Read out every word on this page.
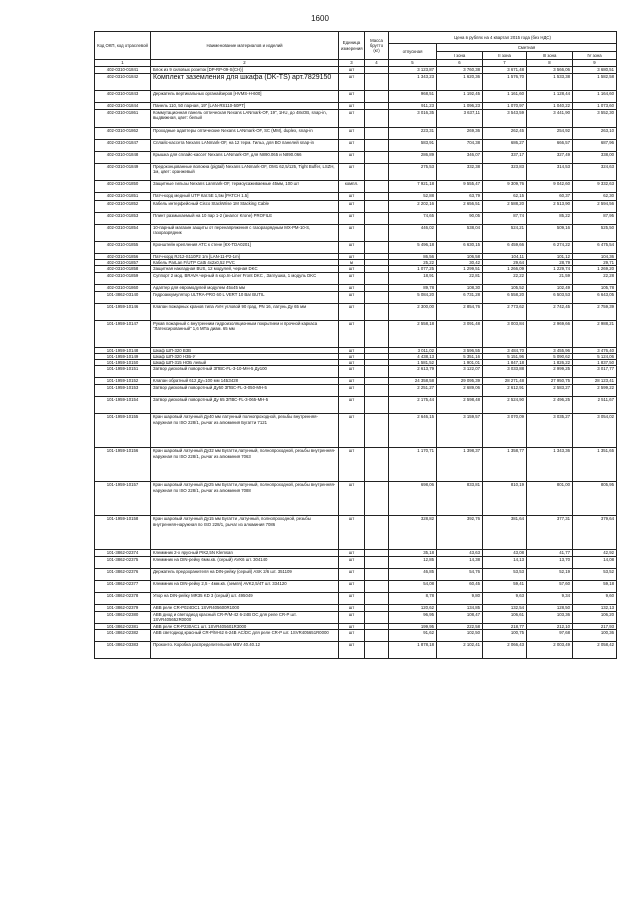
1600
Код ОКП, код отраслевой	Наименование материалов и изделий	Единица измерения	Масса брутто (кг)	Цена в рублях на 4 квартал 2015 года (без НДС)				
				отпускная	Сметная			
					I зона	II зона	III зона	IV зона
1	2	3	4	5	6	7	8	9
402-0310-01841	Блок из 9 силовых розеток [DP-RP-09-S(CH)]	шт		3 123,87	3 760,38	3 671,48	3 566,06	3 680,51
402-0310-01842	Комплект заземления для шкафа (DK-TS) арт.7829150	шт		1 343,23	1 620,36	1 576,70	1 533,38	1 582,58
402-0310-01843	Держатель вертикальных органайзеров [HVMS-H-600]	шт		968,51	1 192,45	1 161,60	1 128,44	1 164,60
402-0310-01844	Панель 110, 50 парная, 19" [LAN-RS110-50PT]	шт		911,23	1 096,23	1 070,97	1 040,22	1 073,60
402-0310-01861	Коммутационная панель оптическая Nexans LANmark-OF, 19", 1HU, до 48xOB, snap-in, выдвижная, цвет: белый	шт		3 016,35	3 637,11	3 543,59	3 441,90	3 552,30
402-0310-01862	Проходные адаптеры оптические Nexans LANmark-OF, SC (MM), duplex, snap-in	шт		223,31	269,36	262,45	254,92	263,10
402-0310-01847	Сплайс-кассета Nexans LANmark-OF, на 12 терм. Гильз, для ВО панелей snap-in	шт		583,91	704,38	686,27	666,57	687,96
402-0310-01848	Крышка для сплайс-кассет Nexans LANmark-OF, для N890.065 и N890.066	шт		286,89	346,07	337,17	327,49	338,00
402-0310-01849	Предоконцованные волокна (pigtail) Nexans LANmark-OF, OM1 62,5/125, Tight Buffer, LSZH, 1м, цвет: оранжевый	шт		275,53	332,38	323,83	314,53	324,63
402-0310-01850	Защитные гильзы Nexans Lanmark-OF, термоусаживаемые 45мм, 100 шт	компл.		7 921,18	9 555,47	9 309,76	9 042,60	9 332,63
402-0310-01851	Патч-корд медный UTP Кат.5Е 1,5м [PATCH 1.5]	шт		52,88	63,79	62,15	60,37	62,30
402-0310-01852	Кабель интерфейсный Cisco StackWise 1M Stacking Cable	шт		2 202,16	2 656,51	2 588,20	2 513,90	2 594,56
402-0310-01853	Плинт размыкаемый на 10 пар 1-2 (аналог Krone) PROFILE	шт		74,65	90,05	87,74	85,22	87,95
402-0310-01854	10-парный магазин защиты от перенапряжения с газоразрядным МХ-РМ-10-S, газоразрядник	шт		446,02	538,04	524,21	509,16	525,50
402-0310-01855	Кронштейн крепления АТС к стене [КХ-TDA0201]	шт		5 496,18	6 630,15	6 459,66	6 274,22	6 475,54
402-0310-01856	Патч-корд RJ12-S110P2 1m [LAN-11-P2-1m]	шт		86,56	106,58	104,11	101,12	104,36
402-0310-01857	Кабель ParLan F/UTP Cat5 4x2x0,52 PVC	м		25,22	30,42	29,64	28,79	29,71
402-0310-01858	Защитная накладная BUS, 12 модулей, черная DKC	шт		1 077,25	1 299,51	1 266,09	1 229,74	1 269,20
402-0310-01859	Суппорт 2 мод. BRAVA черный в кор.In-Liner Front DKC , Заглушка, 1 модуль DKC	шт		18,91	22,81	22,22	21,59	22,28
402-0310-01860	Адаптер для евромодулей модулем 45х45 мм	шт		89,78	108,30	105,52	102,49	105,78
101-3862-03140	Гидроаккумулятор ULTRA-PRO 60 L VERT 10 Bar BUTIL	шт		5 084,20	6 731,28	6 558,20	6 503,53	6 643,05
101-1959-10146	Клапан пожарных кранов типа AVH угловой 90 град. PN 16, латунь Ду 65 мм	шт		2 300,00	2 854,76	2 773,62	2 742,45	2 759,39
101-1959-10147	Рукав пожарный с внутренним гидроизоляционным покрытием и прочной каркаса "Латексированный" 1,6 МПа диам. 65 мм	шт		2 558,18	3 091,48	3 003,84	2 969,66	2 988,21
101-1959-10148	Шкаф ШП-320 В3В	шт		3 011,02	3 596,55	3 484,70	3 455,96	3 476,40
101-1959-10149	Шкаф ШП-320 Н3Б-У	шт		4 438,13	5 351,16	5 151,96	5 090,62	5 124,06
101-1959-10150	Шкаф ШП-315 НОБ левый	шт		1 581,52	1 901,01	1 847,18	1 826,22	1 837,50
101-1959-10151	Затвор дисковый поворотный ЗПВС-FL-3-10-МН-5 Ду100	шт		2 613,79	3 122,07	3 033,88	2 999,25	3 017,77
101-1959-10152	Клапан обратный 612 Ду=100 мм 14БЗ428	шт		24 358,58	29 095,39	28 271,48	27 950,75	28 123,41
101-1959-10153	Затвор дисковый поворотный Ду50 ЗПВС-FL-3-050-МН-5	шт		2 251,27	2 689,06	2 612,91	2 583,27	2 599,22
101-1959-10154	Затвор дисковый поворотный Ду 65 ЗПВС-FL-3-065-МН-5	шт		2 175,44	2 598,48	2 524,90	2 496,25	2 511,67
101-1959-10155	Кран шаровый латунный Ду40 мм латунный полнопроходной, резьбы внутренняя-наружная по ISO 228/1, рычаг из алюминия Бугатти 7121	шт		2 646,15	3 159,57	3 070,09	3 035,27	3 054,02
101-1959-10156	Кран шаровый латунный Ду32 мм Бугатти,латунный, полнопроходной, резьбы внутренняя-наружная по ISO 228/1, рычаг из алюминия 7063	шт		1 170,71	1 398,37	1 358,77	1 343,36	1 351,65
101-1959-10157	Кран шаровый латунный Ду25 мм Бугатти,латунный, полнопроходной, резьбы внутренняя-наружная по ISO 228/1, рычаг из алюминия 7088	шт		698,06	833,81	810,19	801,00	805,95
101-1959-10158	Кран шаровый латунный Ду15 мм Бугатти ,латунный, полнопроходной, резьбы внутренняя-наружная по ISO 228/1, рычаг из алюминия 7086	шт		328,82	392,76	381,64	377,31	379,64
101-3862-02374	Клеммник 2-х ярусный РІК2,5N Klemsan	шт		35,18	43,63	43,08	41,77	42,92
101-3862-02375	Клеммник на DIN-рейку 6мм.кв. (серый) AVK6 шт. 304140	шт		12,85	14,38	14,13	13,70	14,08
101-3862-02376	Держатель предохранителя на DIN-рейку (серый) ASK 2/6 шт. 351109	шт		46,85	54,76	53,53	52,19	53,52
101-3862-02377	Клеммник на DIN-рейку 2,5 - 4мм.кв. (земля) AVK2,5/4T шт. 334120	шт		54,08	60,45	59,41	57,60	59,18
101-3862-02378	Упор на DIN-рейку MR35 KD 3 (серый) шт. 495049	шт		8,78	9,80	9,63	9,34	9,60
101-3862-02379	ABB реле CR-P024DC1 1SVR405600R1000	шт		120,62	134,85	132,54	128,50	132,13
101-3862-02380	ABB диод и светодиод красный CR-P/M-42 6-24В DC для реле CR-P шт. 1SVR405652R0000	шт		96,95	108,47	106,61	103,36	106,20
101-3862-02381	ABB реле CR-P230AC1 шт. 1SVR405601R3000	шт		199,95	222,58	218,77	212,10	217,93
101-3862-02382	ABB светодиод красный CR-P/M-62 6-24В AC/DC для реле CR-P шт. 1SVR405651R0000	шт		91,62	102,50	100,75	97,68	100,36
101-3862-03383	Проконто. Коробка распределительная MBV 40.40.12	шт		1 878,18	2 102,41	2 066,43	2 003,49	2 058,42
